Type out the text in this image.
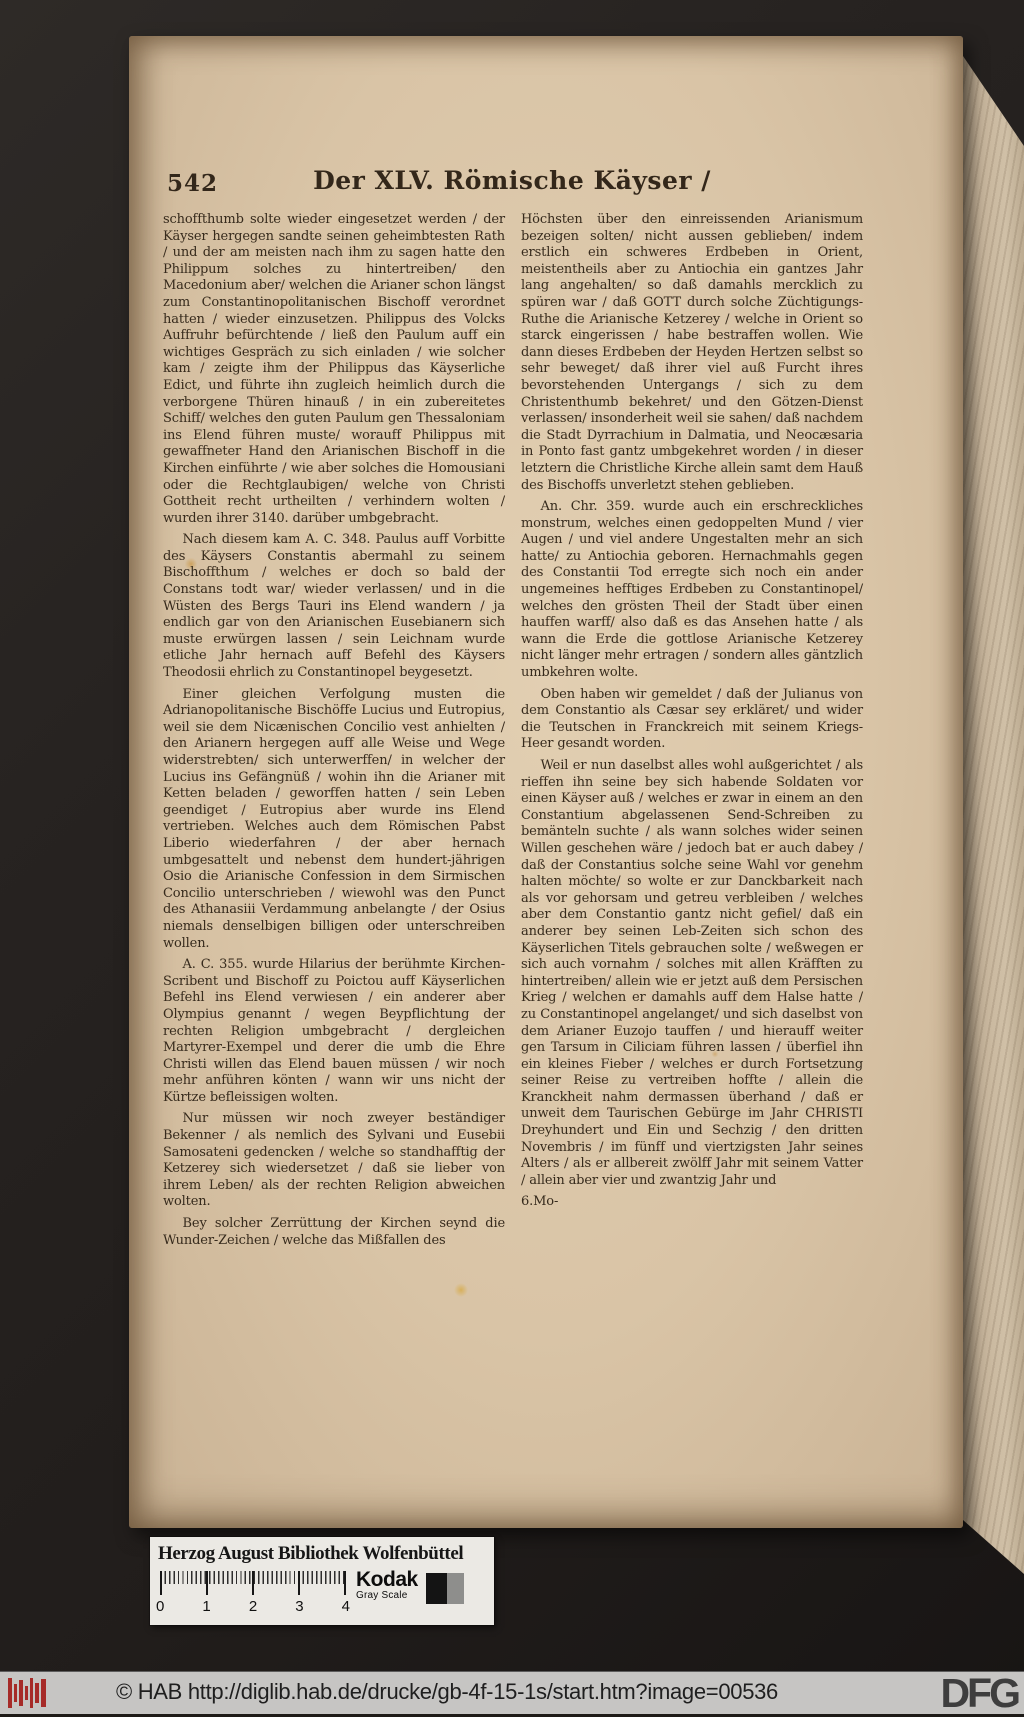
542	Der XLV. Römische Käyser /

schoffthumb solte wieder eingesetzet werden / der Käyser hergegen sandte seinen geheimbtesten Rath / und der am meisten nach ihm zu sagen hatte den Philippum solches zu hintertreiben/ den Macedonium aber/ welchen die Arianer schon längst zum Constantinopolitanischen Bischoff verordnet hatten / wieder einzusetzen. Philippus des Volcks Auffruhr befürchtende / ließ den Paulum auff ein wichtiges Gespräch zu sich einladen / wie solcher kam / zeigte ihm der Philippus das Käyserliche Edict, und führte ihn zugleich heimlich durch die verborgene Thüren hinauß / in ein zubereitetes Schiff/ welches den guten Paulum gen Thessaloniam ins Elend führen muste/ worauff Philippus mit gewaffneter Hand den Arianischen Bischoff in die Kirchen einführte / wie aber solches die Homousiani oder die Rechtglaubigen/ welche von Christi Gottheit recht urtheilten / verhindern wolten / wurden ihrer 3140. darüber umbgebracht.

Nach diesem kam A. C. 348. Paulus auff Vorbitte des Käysers Constantis abermahl zu seinem Bischoffthum / welches er doch so bald der Constans todt war/ wieder verlassen/ und in die Wüsten des Bergs Tauri ins Elend wandern / ja endlich gar von den Arianischen Eusebianern sich muste erwürgen lassen / sein Leichnam wurde etliche Jahr hernach auff Befehl des Käysers Theodosii ehrlich zu Constantinopel beygesetzt.

Einer gleichen Verfolgung musten die Adrianopolitanische Bischöffe Lucius und Eutropius, weil sie dem Nicænischen Concilio vest anhielten / den Arianern hergegen auff alle Weise und Wege widerstrebten/ sich unterwerffen/ in welcher der Lucius ins Gefängnüß / wohin ihn die Arianer mit Ketten beladen / geworffen hatten / sein Leben geendiget / Eutropius aber wurde ins Elend vertrieben. Welches auch dem Römischen Pabst Liberio wiederfahren / der aber hernach umbgesattelt und nebenst dem hundert-jährigen Osio die Arianische Confession in dem Sirmischen Concilio unterschrieben / wiewohl was den Punct des Athanasiii Verdammung anbelangte / der Osius niemals denselbigen billigen oder unterschreiben wollen.

A. C. 355. wurde Hilarius der berühmte Kirchen-Scribent und Bischoff zu Poictou auff Käyserlichen Befehl ins Elend verwiesen / ein anderer aber Olympius genannt / wegen Beypflichtung der rechten Religion umbgebracht / dergleichen Martyrer-Exempel und derer die umb die Ehre Christi willen das Elend bauen müssen / wir noch mehr anführen könten / wann wir uns nicht der Kürtze befleissigen wolten.

Nur müssen wir noch zweyer beständiger Bekenner / als nemlich des Sylvani und Eusebii Samosateni gedencken / welche so standhafftig der Ketzerey sich wiedersetzet / daß sie lieber von ihrem Leben/ als der rechten Religion abweichen wolten.

Bey solcher Zerrüttung der Kirchen seynd die Wunder-Zeichen / welche das Mißfallen des

Höchsten über den einreissenden Arianismum bezeigen solten/ nicht aussen geblieben/ indem erstlich ein schweres Erdbeben in Orient, meistentheils aber zu Antiochia ein gantzes Jahr lang angehalten/ so daß damahls mercklich zu spüren war / daß GOTT durch solche Züchtigungs-Ruthe die Arianische Ketzerey / welche in Orient so starck eingerissen / habe bestraffen wollen. Wie dann dieses Erdbeben der Heyden Hertzen selbst so sehr beweget/ daß ihrer viel auß Furcht ihres bevorstehenden Untergangs / sich zu dem Christenthumb bekehret/ und den Götzen-Dienst verlassen/ insonderheit weil sie sahen/ daß nachdem die Stadt Dyrrachium in Dalmatia, und Neocæsaria in Ponto fast gantz umbgekehret worden / in dieser letztern die Christliche Kirche allein samt dem Hauß des Bischoffs unverletzt stehen geblieben.

An. Chr. 359. wurde auch ein erschreckliches monstrum, welches einen gedoppelten Mund / vier Augen / und viel andere Ungestalten mehr an sich hatte/ zu Antiochia geboren. Hernachmahls gegen des Constantii Tod erregte sich noch ein ander ungemeines hefftiges Erdbeben zu Constantinopel/ welches den grösten Theil der Stadt über einen hauffen warff/ also daß es das Ansehen hatte / als wann die Erde die gottlose Arianische Ketzerey nicht länger mehr ertragen / sondern alles gäntzlich umbkehren wolte.

Oben haben wir gemeldet / daß der Julianus von dem Constantio als Cæsar sey erkläret/ und wider die Teutschen in Franckreich mit seinem Kriegs-Heer gesandt worden.

Weil er nun daselbst alles wohl außgerichtet / als rieffen ihn seine bey sich habende Soldaten vor einen Käyser auß / welches er zwar in einem an den Constantium abgelassenen Send-Schreiben zu bemänteln suchte / als wann solches wider seinen Willen geschehen wäre / jedoch bat er auch dabey / daß der Constantius solche seine Wahl vor genehm halten möchte/ so wolte er zur Danckbarkeit nach als vor gehorsam und getreu verbleiben / welches aber dem Constantio gantz nicht gefiel/ daß ein anderer bey seinen Leb-Zeiten sich schon des Käyserlichen Titels gebrauchen solte / weßwegen er sich auch vornahm / solches mit allen Kräfften zu hintertreiben/ allein wie er jetzt auß dem Persischen Krieg / welchen er damahls auff dem Halse hatte / zu Constantinopel angelanget/ und sich daselbst von dem Arianer Euzojo tauffen / und hierauff weiter gen Tarsum in Ciliciam führen lassen / überfiel ihn ein kleines Fieber / welches er durch Fortsetzung seiner Reise zu vertreiben hoffte / allein die Kranckheit nahm dermassen überhand / daß er unweit dem Taurischen Gebürge im Jahr CHRISTI Dreyhundert und Ein und Sechzig / den dritten Novembris / im fünff und viertzigsten Jahr seines Alters / als er allbereit zwölff Jahr mit seinem Vatter / allein aber vier und zwantzig Jahr und

6.Mo-

Herzog August Bibliothek Wolfenbüttel
0	1	2	3	4
Kodak
Gray Scale
© HAB http://diglib.hab.de/drucke/gb-4f-15-1s/start.htm?image=00536	DFG
